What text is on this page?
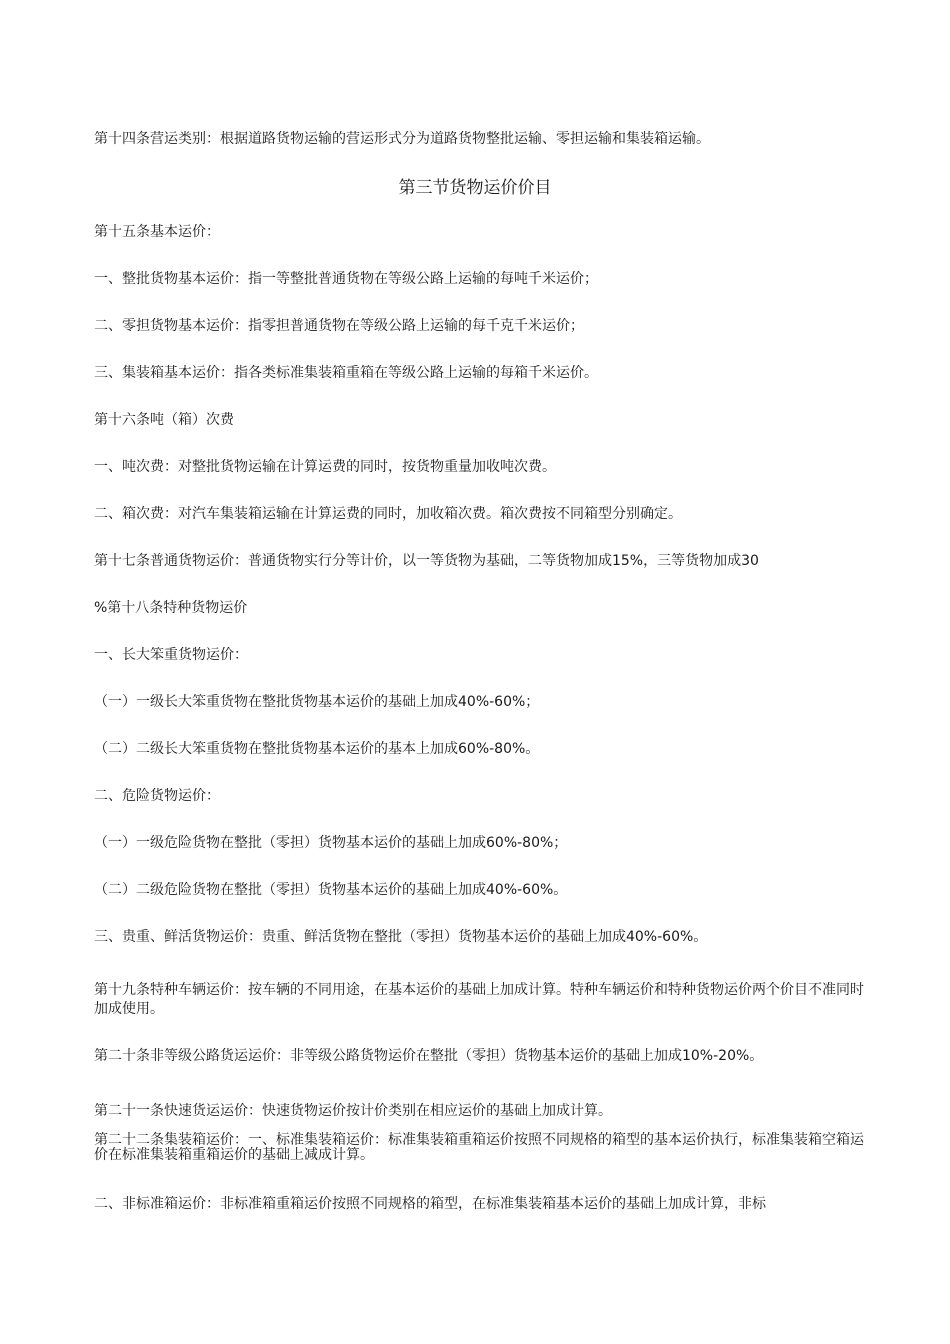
第十四条营运类别：根据道路货物运输的营运形式分为道路货物整批运输、零担运输和集装箱运输。
第三节货物运价价目
第十五条基本运价：
一、整批货物基本运价：指一等整批普通货物在等级公路上运输的每吨千米运价；
二、零担货物基本运价：指零担普通货物在等级公路上运输的每千克千米运价；
三、集装箱基本运价：指各类标准集装箱重箱在等级公路上运输的每箱千米运价。
第十六条吨（箱）次费
一、吨次费：对整批货物运输在计算运费的同时，按货物重量加收吨次费。
二、箱次费：对汽车集装箱运输在计算运费的同时，加收箱次费。箱次费按不同箱型分别确定。
第十七条普通货物运价：普通货物实行分等计价，以一等货物为基础，二等货物加成15%，三等货物加成30
%第十八条特种货物运价
一、长大笨重货物运价：
（一）一级长大笨重货物在整批货物基本运价的基础上加成40%-60%；
（二）二级长大笨重货物在整批货物基本运价的基本上加成60%-80%。
二、危险货物运价：
（一）一级危险货物在整批（零担）货物基本运价的基础上加成60%-80%；
（二）二级危险货物在整批（零担）货物基本运价的基础上加成40%-60%。
三、贵重、鲜活货物运价：贵重、鲜活货物在整批（零担）货物基本运价的基础上加成40%-60%。
第十九条特种车辆运价：按车辆的不同用途，在基本运价的基础上加成计算。特种车辆运价和特种货物运价两个价目不准同时加成使用。
第二十条非等级公路货运运价：非等级公路货物运价在整批（零担）货物基本运价的基础上加成10%-20%。
第二十一条快速货运运价：快速货物运价按计价类别在相应运价的基础上加成计算。
第二十二条集装箱运价：一、标准集装箱运价：标准集装箱重箱运价按照不同规格的箱型的基本运价执行，标准集装箱空箱运价在标准集装箱重箱运价的基础上减成计算。
二、非标准箱运价：非标准箱重箱运价按照不同规格的箱型，在标准集装箱基本运价的基础上加成计算，非标
